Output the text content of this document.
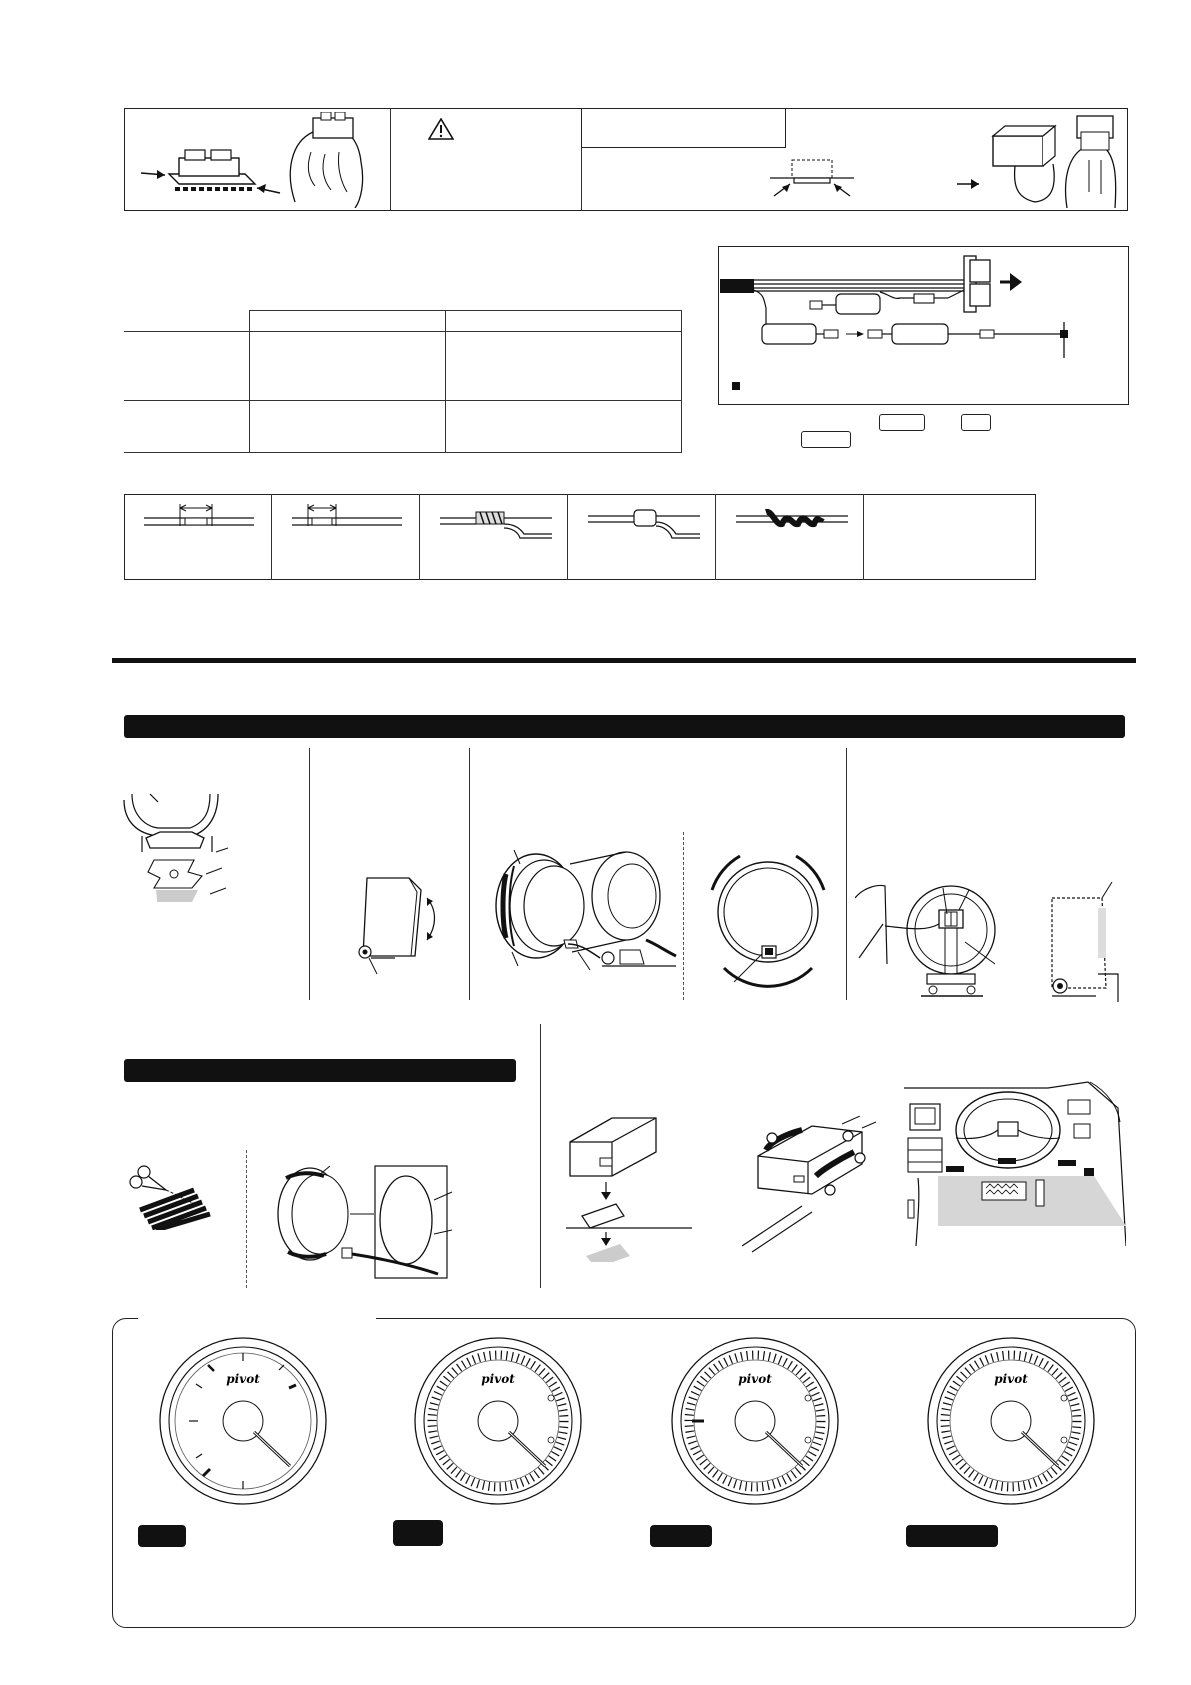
pivot	pivot	pivot	pivot
